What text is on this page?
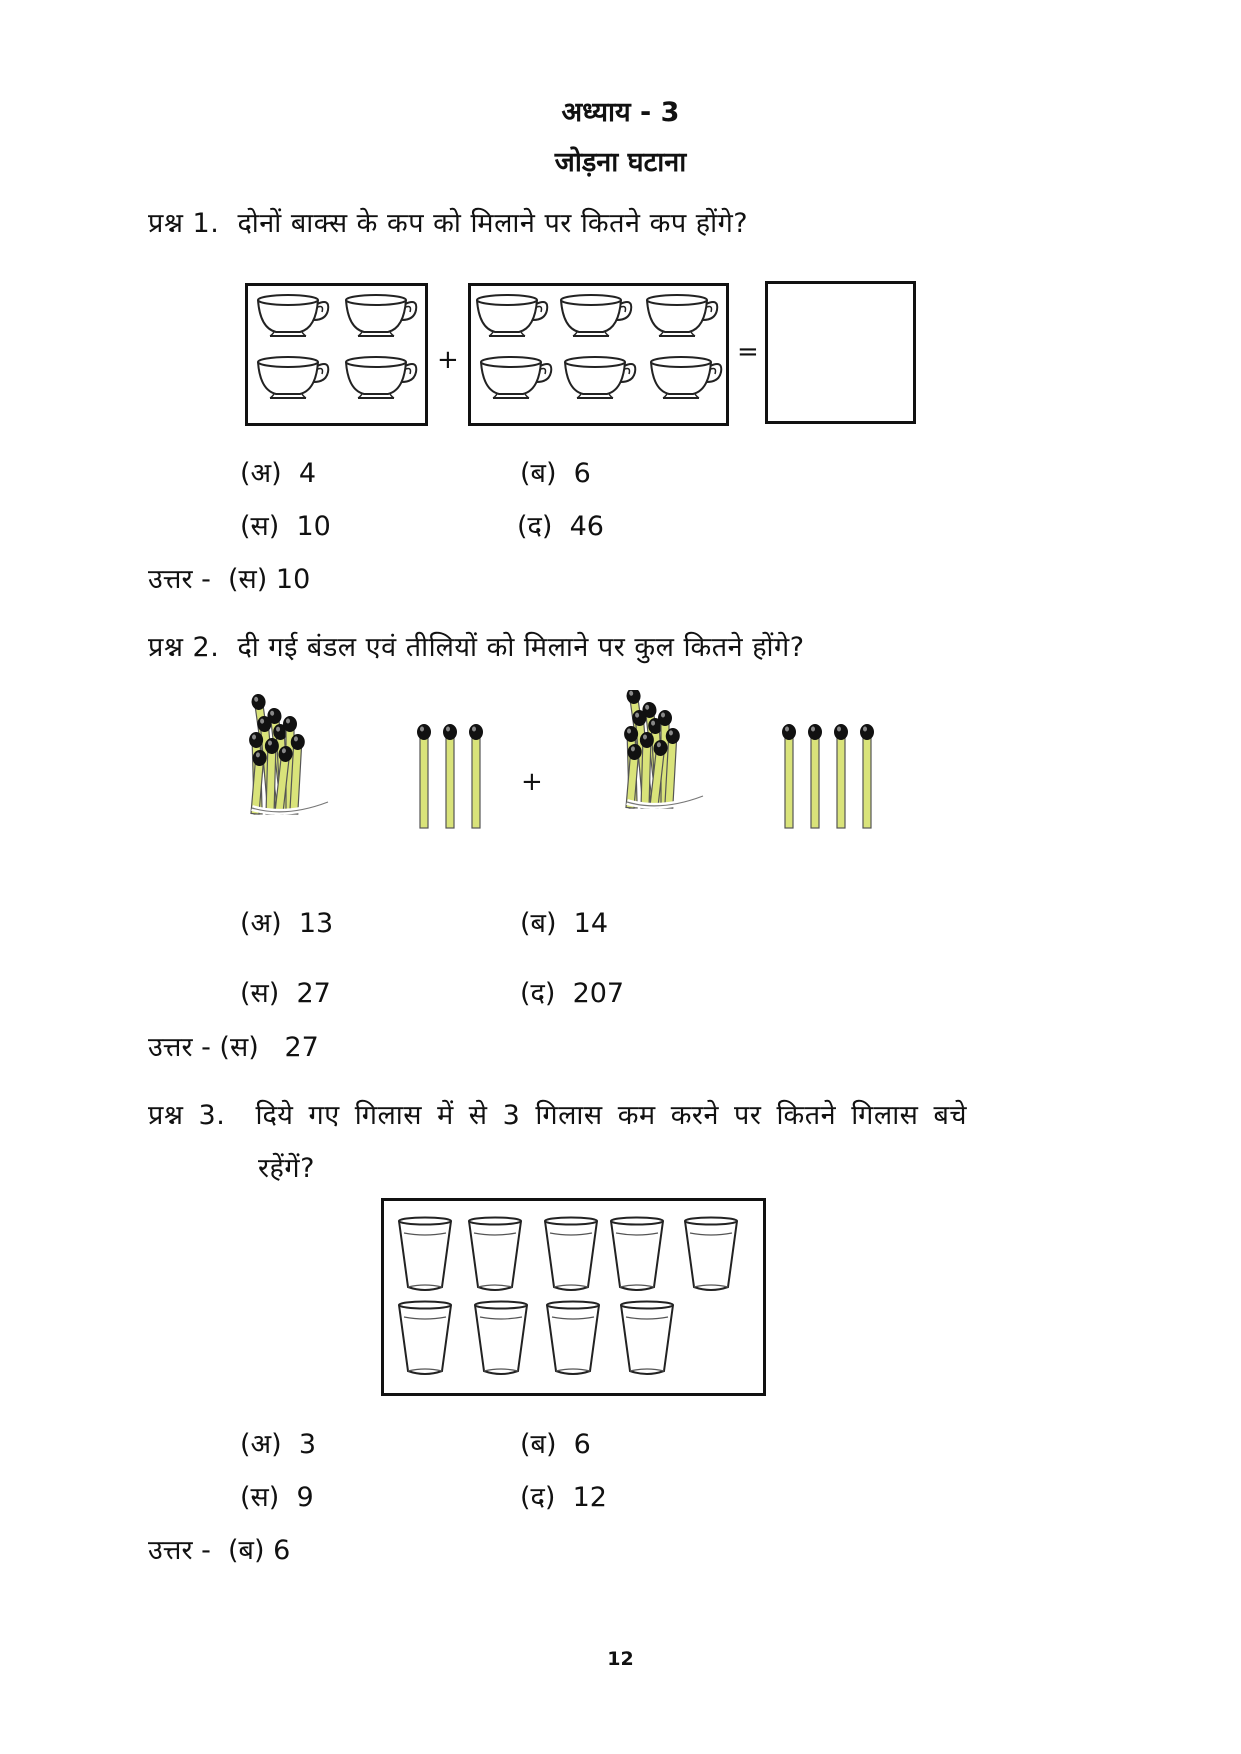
अध्याय - 3
जोड़ना घटाना
प्रश्न 1. दोनों बाक्स के कप को मिलाने पर कितने कप होंगे?
+	=
(अ) 4	(ब) 6
(स) 10	(द) 46
उत्तर - (स) 10
प्रश्न 2. दी गई बंडल एवं तीलियों को मिलाने पर कुल कितने होंगे?
+
(अ) 13	(ब) 14
(स) 27	(द) 207
उत्तर - (स)   27
प्रश्न 3. दिये गए गिलास में से 3 गिलास कम करने पर कितने गिलास बचे
रहेंगें?
(अ) 3	(ब) 6
(स) 9	(द) 12
उत्तर - (ब) 6
12
